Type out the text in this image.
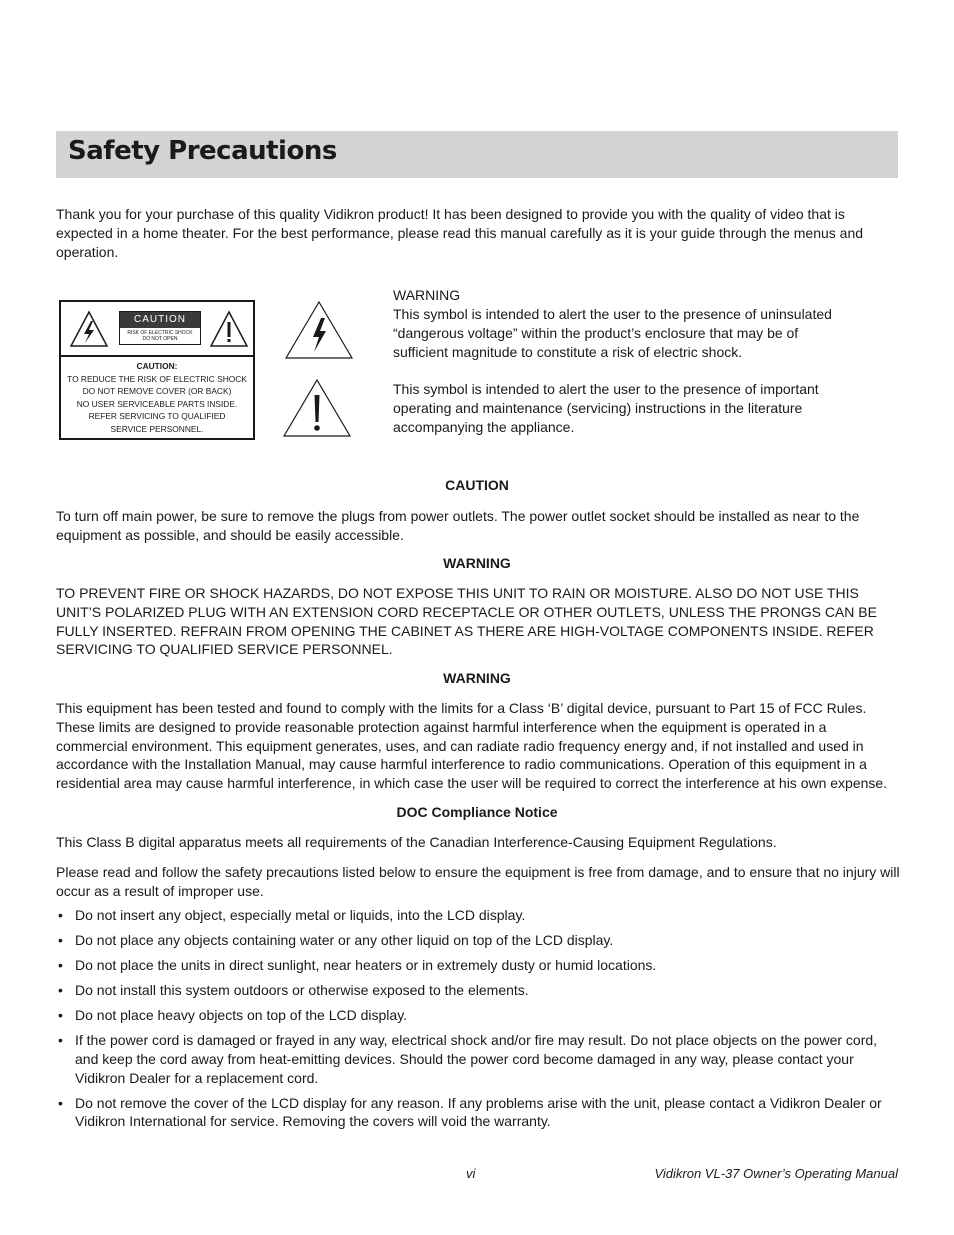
Safety Precautions

Thank you for your purchase of this quality Vidikron product! It has been designed to provide you with the quality of video that is expected in a home theater. For the best performance, please read this manual carefully as it is your guide through the menus and operation.

CAUTION
RISK OF ELECTRIC SHOCK
DO NOT OPEN
CAUTION:
TO REDUCE THE RISK OF ELECTRIC SHOCK
DO NOT REMOVE COVER (OR BACK)
NO USER SERVICEABLE PARTS INSIDE.
REFER SERVICING TO QUALIFIED
SERVICE PERSONNEL.
WARNING
This symbol is intended to alert the user to the presence of uninsulated “dangerous voltage” within the product’s enclosure that may be of sufficient magnitude to constitute a risk of electric shock.
This symbol is intended to alert the user to the presence of important operating and maintenance (servicing) instructions in the literature accompanying the appliance.

CAUTION

To turn off main power, be sure to remove the plugs from power outlets. The power outlet socket should be installed as near to the equipment as possible, and should be easily accessible.

WARNING

TO PREVENT FIRE OR SHOCK HAZARDS, DO NOT EXPOSE THIS UNIT TO RAIN OR MOISTURE. ALSO DO NOT USE THIS UNIT’S POLARIZED PLUG WITH AN EXTENSION CORD RECEPTACLE OR OTHER OUTLETS, UNLESS THE PRONGS CAN BE FULLY INSERTED. REFRAIN FROM OPENING THE CABINET AS THERE ARE HIGH-VOLTAGE COMPONENTS INSIDE. REFER SERVICING TO QUALIFIED SERVICE PERSONNEL.

WARNING

This equipment has been tested and found to comply with the limits for a Class ‘B’ digital device, pursuant to Part 15 of FCC Rules. These limits are designed to provide reasonable protection against harmful interference when the equipment is operated in a commercial environment. This equipment generates, uses, and can radiate radio frequency energy and, if not installed and used in accordance with the Installation Manual, may cause harmful interference to radio communications. Operation of this equipment in a residential area may cause harmful interference, in which case the user will be required to correct the interference at his own expense.

DOC Compliance Notice

This Class B digital apparatus meets all requirements of the Canadian Interference-Causing Equipment Regulations.

Please read and follow the safety precautions listed below to ensure the equipment is free from damage, and to ensure that no injury will occur as a result of improper use.

• Do not insert any object, especially metal or liquids, into the LCD display.
• Do not place any objects containing water or any other liquid on top of the LCD display.
• Do not place the units in direct sunlight, near heaters or in extremely dusty or humid locations.
• Do not install this system outdoors or otherwise exposed to the elements.
• Do not place heavy objects on top of the LCD display.
• If the power cord is damaged or frayed in any way, electrical shock and/or fire may result. Do not place objects on the power cord, and keep the cord away from heat-emitting devices. Should the power cord become damaged in any way, please contact your Vidikron Dealer for a replacement cord.
• Do not remove the cover of the LCD display for any reason. If any problems arise with the unit, please contact a Vidikron Dealer or Vidikron International for service. Removing the covers will void the warranty.
vi	Vidikron VL-37 Owner’s Operating Manual
